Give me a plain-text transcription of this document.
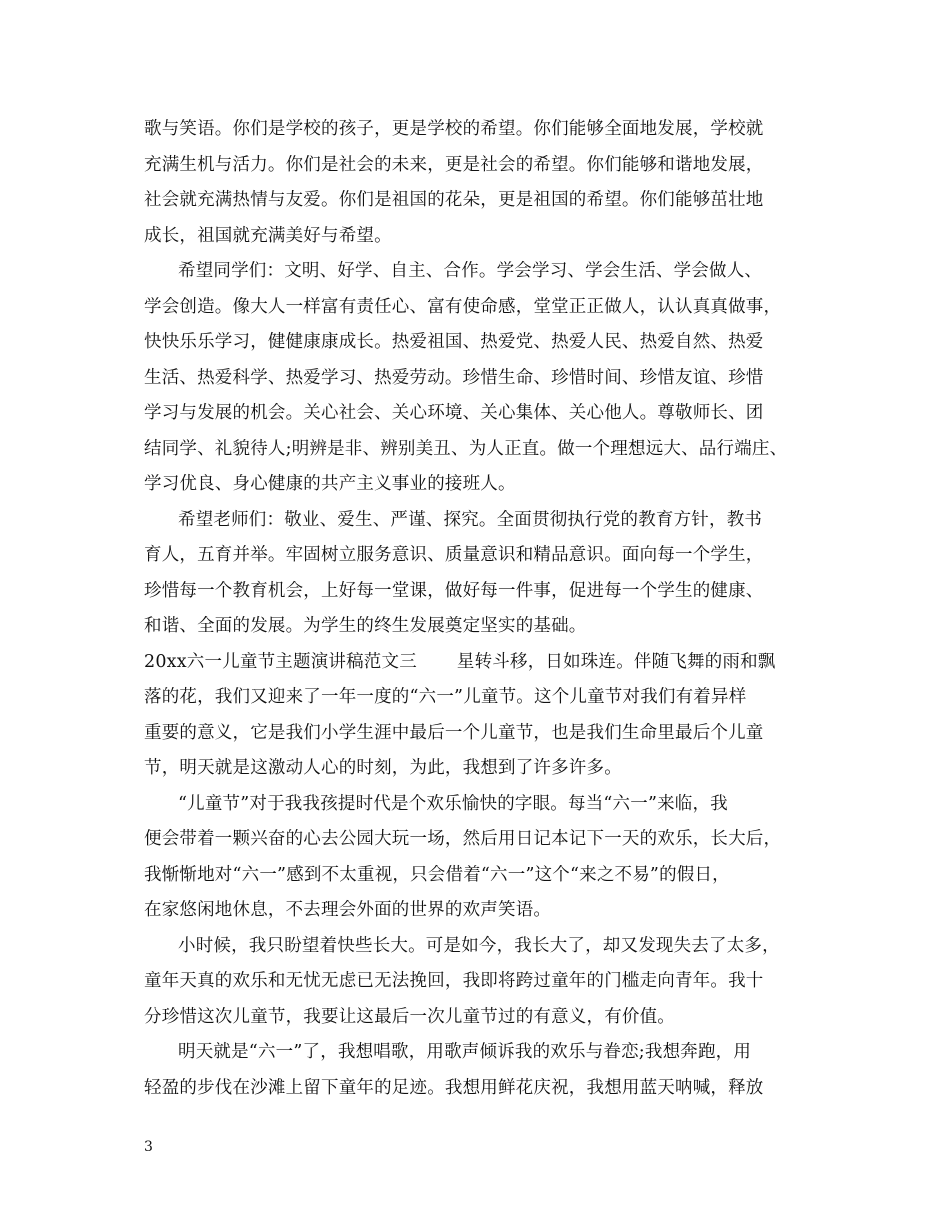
歌与笑语。你们是学校的孩子，更是学校的希望。你们能够全面地发展，学校就
充满生机与活力。你们是社会的未来，更是社会的希望。你们能够和谐地发展，
社会就充满热情与友爱。你们是祖国的花朵，更是祖国的希望。你们能够茁壮地
成长，祖国就充满美好与希望。
希望同学们：文明、好学、自主、合作。学会学习、学会生活、学会做人、
学会创造。像大人一样富有责任心、富有使命感，堂堂正正做人，认认真真做事，
快快乐乐学习，健健康康成长。热爱祖国、热爱党、热爱人民、热爱自然、热爱
生活、热爱科学、热爱学习、热爱劳动。珍惜生命、珍惜时间、珍惜友谊、珍惜
学习与发展的机会。关心社会、关心环境、关心集体、关心他人。尊敬师长、团
结同学、礼貌待人;明辨是非、辨别美丑、为人正直。做一个理想远大、品行端庄、
学习优良、身心健康的共产主义事业的接班人。
希望老师们：敬业、爱生、严谨、探究。全面贯彻执行党的教育方针，教书
育人，五育并举。牢固树立服务意识、质量意识和精品意识。面向每一个学生，
珍惜每一个教育机会，上好每一堂课，做好每一件事，促进每一个学生的健康、
和谐、全面的发展。为学生的终生发展奠定坚实的基础。
20xx六一儿童节主题演讲稿范文三 星转斗移，日如珠连。伴随飞舞的雨和飘
落的花，我们又迎来了一年一度的“六一”儿童节。这个儿童节对我们有着异样
重要的意义，它是我们小学生涯中最后一个儿童节，也是我们生命里最后个儿童
节，明天就是这激动人心的时刻，为此，我想到了许多许多。
“儿童节”对于我我孩提时代是个欢乐愉快的字眼。每当“六一”来临，我
便会带着一颗兴奋的心去公园大玩一场，然后用日记本记下一天的欢乐，长大后，
我惭惭地对“六一”感到不太重视，只会借着“六一”这个“来之不易”的假日，
在家悠闲地休息，不去理会外面的世界的欢声笑语。
小时候，我只盼望着快些长大。可是如今，我长大了，却又发现失去了太多，
童年天真的欢乐和无忧无虑已无法挽回，我即将跨过童年的门槛走向青年。我十
分珍惜这次儿童节，我要让这最后一次儿童节过的有意义，有价值。
明天就是“六一”了，我想唱歌，用歌声倾诉我的欢乐与眷恋;我想奔跑，用
轻盈的步伐在沙滩上留下童年的足迹。我想用鲜花庆祝，我想用蓝天呐喊，释放
3
